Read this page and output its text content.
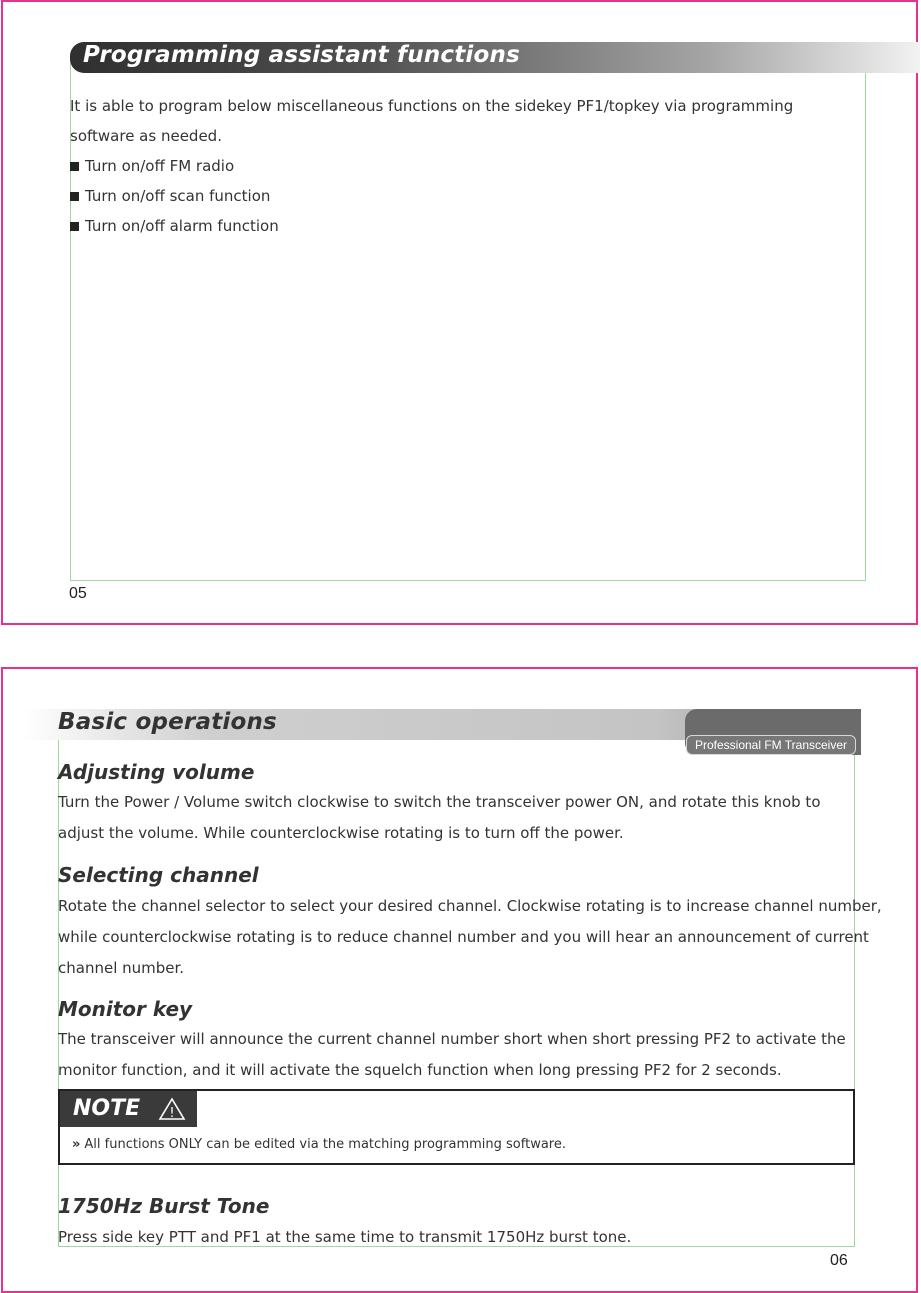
Programming assistant functions
It is able to program below miscellaneous functions on the sidekey PF1/topkey via programming software as needed.
Turn on/off FM radio
Turn on/off scan function
Turn on/off alarm function
05
Basic operations
Professional FM Transceiver
Adjusting volume
Turn the Power / Volume switch clockwise to switch the transceiver power ON, and rotate this knob to adjust the volume. While counterclockwise rotating is to turn off the power.
Selecting channel
Rotate the channel selector to select your desired channel. Clockwise rotating is to increase channel number, while counterclockwise rotating is to reduce channel number and you will hear an announcement of current channel number.
Monitor key
The transceiver will announce the current channel number short when short pressing PF2 to activate the monitor function, and it will activate the squelch function when long pressing PF2 for 2 seconds.
NOTE !
» All functions ONLY can be edited via the matching programming software.
1750Hz Burst Tone
Press side key PTT and PF1 at the same time to transmit 1750Hz burst tone.
06
